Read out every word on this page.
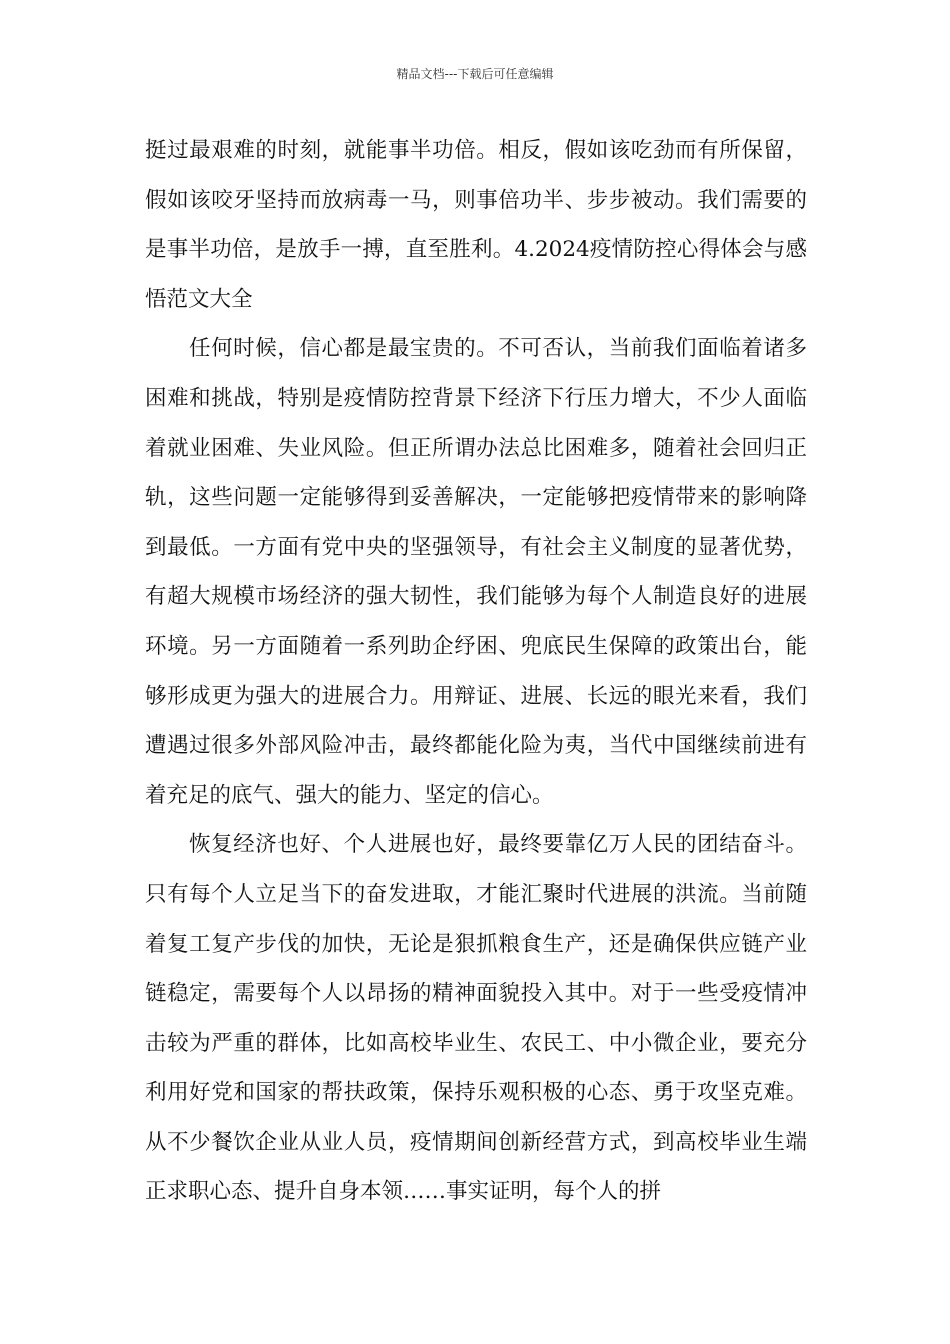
精品文档---下载后可任意编辑

挺过最艰难的时刻，就能事半功倍。相反，假如该吃劲而有所保留，假如该咬牙坚持而放病毒一马，则事倍功半、步步被动。我们需要的是事半功倍，是放手一搏，直至胜利。4.2024疫情防控心得体会与感悟范文大全

任何时候，信心都是最宝贵的。不可否认，当前我们面临着诸多困难和挑战，特别是疫情防控背景下经济下行压力增大，不少人面临着就业困难、失业风险。但正所谓办法总比困难多，随着社会回归正轨，这些问题一定能够得到妥善解决，一定能够把疫情带来的影响降到最低。一方面有党中央的坚强领导，有社会主义制度的显著优势，有超大规模市场经济的强大韧性，我们能够为每个人制造良好的进展环境。另一方面随着一系列助企纾困、兜底民生保障的政策出台，能够形成更为强大的进展合力。用辩证、进展、长远的眼光来看，我们遭遇过很多外部风险冲击，最终都能化险为夷，当代中国继续前进有着充足的底气、强大的能力、坚定的信心。

恢复经济也好、个人进展也好，最终要靠亿万人民的团结奋斗。只有每个人立足当下的奋发进取，才能汇聚时代进展的洪流。当前随着复工复产步伐的加快，无论是狠抓粮食生产，还是确保供应链产业链稳定，需要每个人以昂扬的精神面貌投入其中。对于一些受疫情冲击较为严重的群体，比如高校毕业生、农民工、中小微企业，要充分利用好党和国家的帮扶政策，保持乐观积极的心态、勇于攻坚克难。从不少餐饮企业从业人员，疫情期间创新经营方式，到高校毕业生端正求职心态、提升自身本领……事实证明，每个人的拼
